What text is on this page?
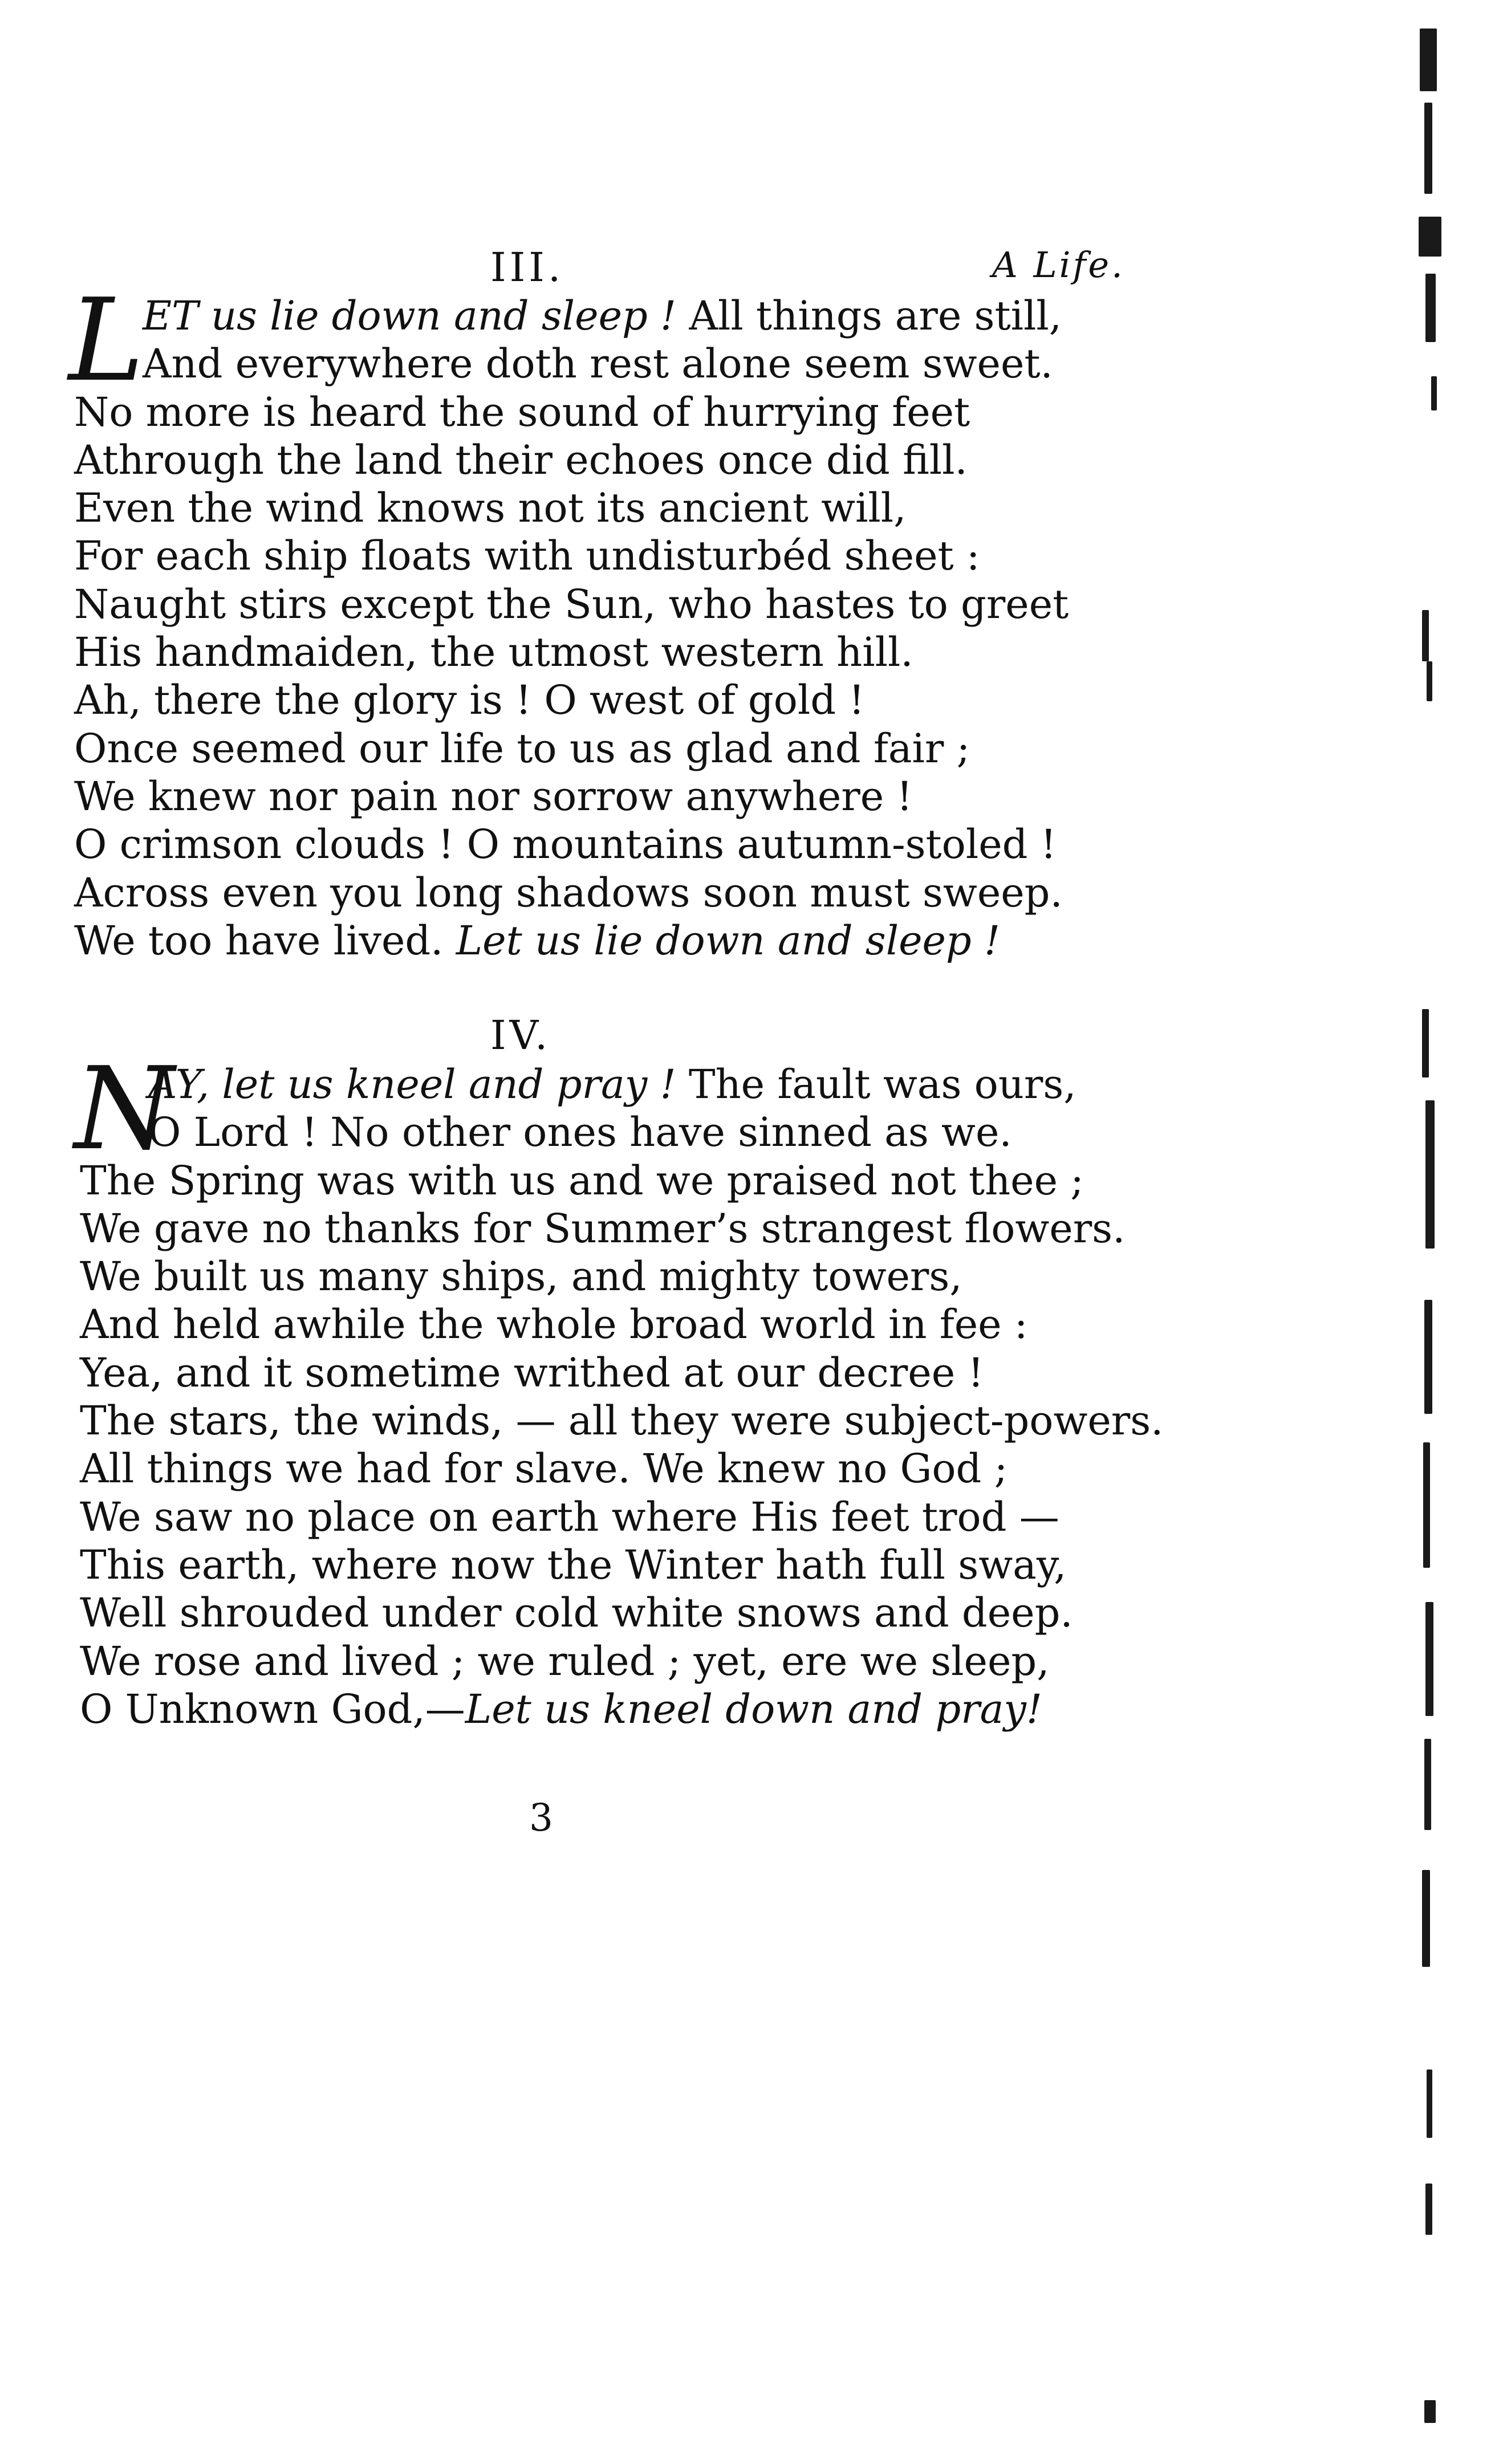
A Life.
III.
L
ET us lie down and sleep ! All things are still,
And everywhere doth rest alone seem sweet.
No more is heard the sound of hurrying feet
Athrough the land their echoes once did fill.
Even the wind knows not its ancient will,
For each ship floats with undisturbéd sheet :
Naught stirs except the Sun, who hastes to greet
His handmaiden, the utmost western hill.
Ah, there the glory is ! O west of gold !
Once seemed our life to us as glad and fair ;
We knew nor pain nor sorrow anywhere !
O crimson clouds ! O mountains autumn-stoled !
Across even you long shadows soon must sweep.
We too have lived. Let us lie down and sleep !
IV.
N
AY, let us kneel and pray ! The fault was ours,
O Lord ! No other ones have sinned as we.
The Spring was with us and we praised not thee ;
We gave no thanks for Summer’s strangest flowers.
We built us many ships, and mighty towers,
And held awhile the whole broad world in fee :
Yea, and it sometime writhed at our decree !
The stars, the winds, — all they were subject-powers.
All things we had for slave. We knew no God ;
We saw no place on earth where His feet trod —
This earth, where now the Winter hath full sway,
Well shrouded under cold white snows and deep.
We rose and lived ; we ruled ; yet, ere we sleep,
O Unknown God,—Let us kneel down and pray!
3
